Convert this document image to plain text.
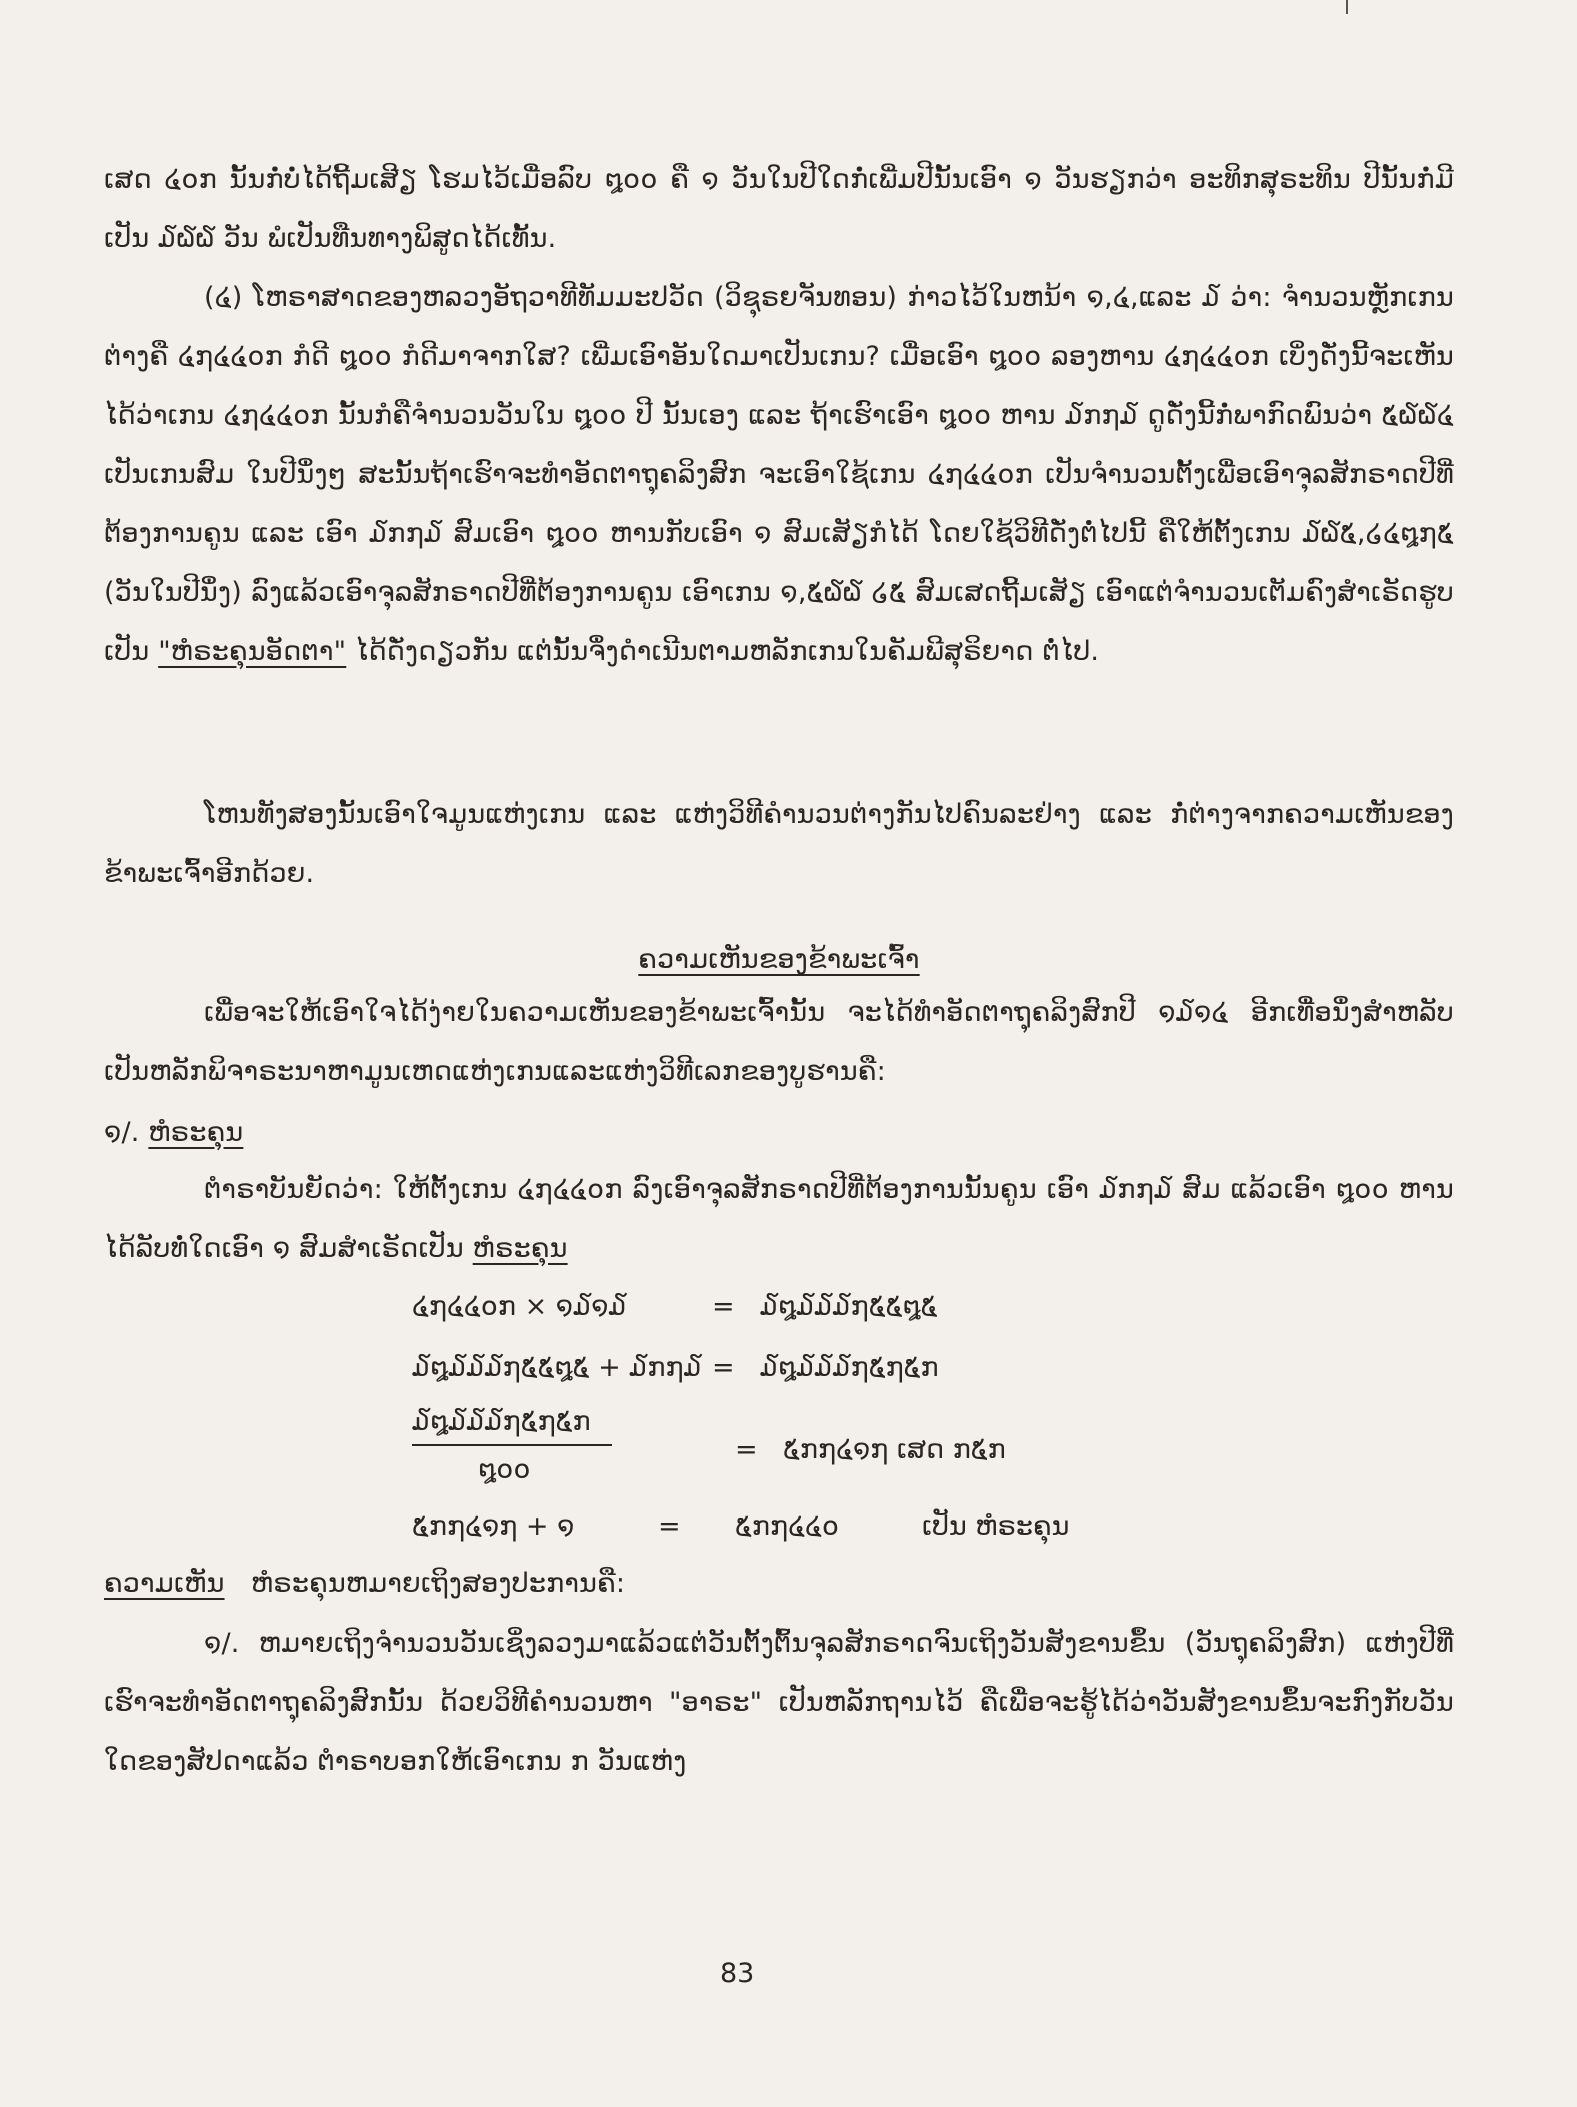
ເສດ ໔໐ກ ນັ້ນກໍ່ບໍ່ໄດ້ຖີ້ມເສີຽ ໂຮມໄວ້ເມື່ອລົບ ໘໐໐ ຄື ໑ ວັນໃນປີໃດກໍ່ເພີ່ມປີນັ້ນເອົາ ໑ ວັນຮຽກວ່າ ອະທິກສຸຣະທິນ ປີນັ້ນກໍ່ມີເປັນ ໓໖໖ ວັນ ພໍເປັນທືນທາງພິສູດໄດ້ເທັ້ນ.

(໔) ໂຫຣາສາດຂອງຫລວງອັຖວາທີທັມມະປວັດ (ວິຊຸຣຍຈັນທອນ) ກ່າວໄວ້ໃນຫນ້າ ໑,໔,ແລະ ໓ ວ່າ: ຈຳນວນຫຼັກເກນຕ່າງຄື ໔໗໔໔໐ກ ກໍດີ ໘໐໐ ກໍດີມາຈາກໃສ? ເພີ່ມເອົາອັນໃດມາເປັນເກນ? ເມື່ອເອົາ ໘໐໐ ລອງຫານ ໔໗໔໔໐ກ ເບິ່ງດັ່ງນີ້ຈະເຫັນໄດ້ວ່າເກນ ໔໗໔໔໐ກ ນັ້ນກໍຄືຈຳນວນວັນໃນ ໘໐໐ ປີ ນັ້ນເອງ ແລະ ຖ້າເຮົາເອົາ ໘໐໐ ຫານ ໓ກ໗໓ ດູດັ່ງນີ້ກໍ່ພາກົດພົນວ່າ ໕໖໖໔ ເປັນເກນສົມ ໃນປີນຶ່ງໆ ສະນັ້ນຖ້າເຮົາຈະທຳອັດຕາຖຸຄລິງສົກ ຈະເອົາໃຊ້ເກນ ໔໗໔໔໐ກ ເປັນຈຳນວນຕັ້ງເພື່ອເອົາຈຸລສັກຣາດປີທີ່ຕ້ອງການຄູນ ແລະ ເອົາ ໓ກ໗໓ ສົມເອົາ ໘໐໐ ຫານກັບເອົາ ໑ ສົມເສັຽກໍໄດ້ ໂດຍໃຊ້ວິທີດັ່ງຕໍ່ໄປນີ້ ຄືໃຫ້ຕັ້ງເກນ ໓໖໕,໒໔໘໗໕ (ວັນໃນປີນຶ່ງ) ລົງແລ້ວເອົາຈຸລສັກຣາດປີທີ່ຕ້ອງການຄູນ ເອົາເກນ ໑,໕໖໖ ໒໕ ສົມເສດຖີ້ມເສັຽ ເອົາແຕ່ຈຳນວນເຕັມຄົງສຳເຣັດຮູບເປັນ "ຫໍຣະຄຸນອັດຕາ" ໄດ້ດັ່ງດຽວກັນ ແຕ່ນັ້ນຈຶ່ງດຳເນີນຕາມຫລັກເກນໃນຄັມພີສຸຣິຍາດ ຕໍ່ໄປ.

ໂຫນທັງສອງນັ້ນເອົາໃຈມູນແຫ່ງເກນ ແລະ ແຫ່ງວິທີຄຳນວນຕ່າງກັນໄປຄົນລະຢ່າງ ແລະ ກໍ່ຕ່າງຈາກຄວາມເຫັນຂອງຂ້າພະເຈົ້າອີກດ້ວຍ.

ຄວາມເຫັນຂອງຂ້າພະເຈົ້າ

ເພື່ອຈະໃຫ້ເອົາໃຈໄດ້ງ່າຍໃນຄວາມເຫັນຂອງຂ້າພະເຈົ້ານັ້ນ ຈະໄດ້ທຳອັດຕາຖຸຄລິງສົກປີ ໑໓໑໔ ອີກເທື່ອນຶ່ງສຳຫລັບເປັນຫລັກພິຈາຣະນາຫາມູນເຫດແຫ່ງເກນແລະແຫ່ງວິທີເລກຂອງບູຮານຄື:

໑/. ຫໍຣະຄຸນ

ຕຳຣາບັນຍັດວ່າ: ໃຫ້ຕັ້ງເກນ ໔໗໔໔໐ກ ລົງເອົາຈຸລສັກຣາດປີທີ່ຕ້ອງການນັ້ນຄູນ ເອົາ ໓ກ໗໓ ສົມ ແລ້ວເອົາ ໘໐໐ ຫານໄດ້ລັບທໍ່ໃດເອົາ ໑ ສົມສຳເຣັດເປັນ ຫໍຣະຄຸນ

໔໗໔໔໐ກ × ໑໓໑໓	= ໓໘໓໓໓໗໕໕໘໕
໓໘໓໓໓໗໕໕໘໕ + ໓ກ໗໓ = ໓໘໓໓໓໗໕໗໕ກ
໓໘໓໓໓໗໕໗໕ກ
໘໐໐
= ໕ກ໗໔໑໗ ເສດ ກ໕ກ
໕ກ໗໔໑໗ + ໑	= ໕ກ໗໔໔໐	ເປັນ ຫໍຣະຄຸນ

ຄວາມເຫັນ ຫໍຣະຄຸນຫມາຍເຖິງສອງປະການຄື:

໑/. ຫມາຍເຖິງຈຳນວນວັນເຊິ່ງລວງມາແລ້ວແຕ່ວັນຕັ້ງຕົ້ນຈຸລສັກຣາດຈົນເຖິງວັນສັງຂານຂຶ້ນ (ວັນຖຸຄລິງສົກ) ແຫ່ງປີທີ່ເຮົາຈະທຳອັດຕາຖຸຄລິງສົກນັ້ນ ດ້ວຍວິທີຄຳນວນຫາ "ອາຣະ" ເປັນຫລັກຖານໄວ້ ຄືເພື່ອຈະຮູ້ໄດ້ວ່າວັນສັງຂານຂຶ້ນຈະກົງກັບວັນໃດຂອງສັປດາແລ້ວ ຕຳຣາບອກໃຫ້ເອົາເກນ ກ ວັນແຫ່ງ

83
